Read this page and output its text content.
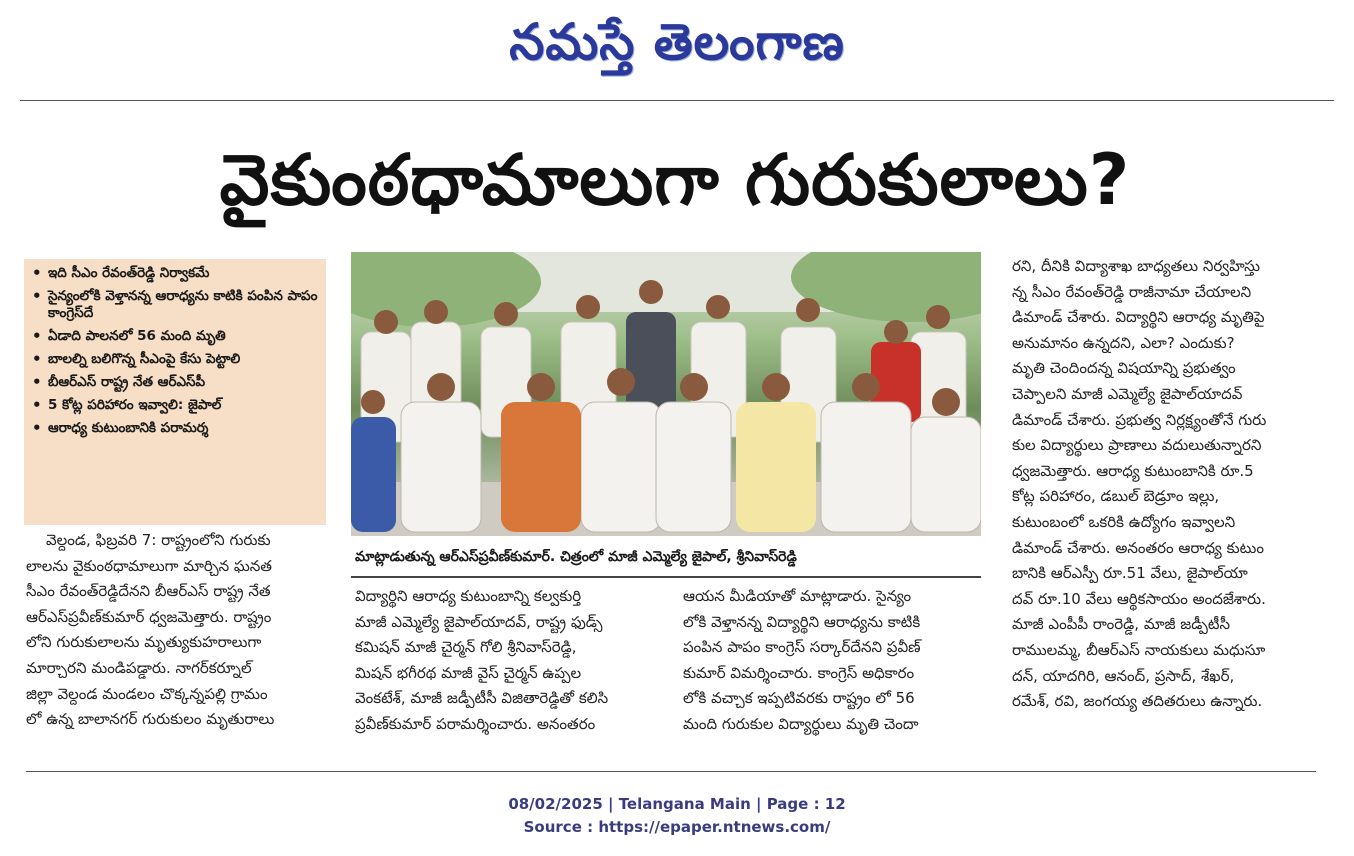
నమస్తే తెలంగాణ
వైకుంఠధామాలుగా గురుకులాలు?
• ఇది సీఎం రేవంత్‌రెడ్డి నిర్వాకమే
• సైన్యంలోకి వెళ్తానన్న ఆరాధ్యను కాటికి పంపిన పాపం కాంగ్రెస్‌దే
• ఏడాది పాలనలో 56 మంది మృతి
• బాలల్ని బలిగొన్న సీఎంపై కేసు పెట్టాలి
• బీఆర్‌ఎస్ రాష్ట్ర నేత ఆర్‌ఎస్‌పీ
• 5 కోట్ల పరిహారం ఇవ్వాలి: జైపాల్
• ఆరాధ్య కుటుంబానికి పరామర్శ

వెల్దండ, ఫిబ్రవరి 7: రాష్ట్రంలోని గురుకు

లాలను వైకుంఠధామాలుగా మార్చిన ఘనత

సీఎం రేవంత్‌రెడ్డిదేనని బీఆర్‌ఎస్ రాష్ట్ర నేత

ఆర్‌ఎస్‌ప్రవీణ్‌కుమార్ ధ్వజమెత్తారు. రాష్ట్రం

లోని గురుకులాలను మృత్యుకుహరాలుగా

మార్చారని మండిపడ్డారు. నాగర్‌కర్నూల్

జిల్లా వెల్దండ మండలం చొక్కన్నపల్లి గ్రామం

లో ఉన్న బాలానగర్ గురుకులం మృతురాలు

మాట్లాడుతున్న ఆర్‌ఎస్‌ప్రవీణ్‌కుమార్. చిత్రంలో మాజీ ఎమ్మెల్యే జైపాల్, శ్రీనివాస్‌రెడ్డి

విద్యార్థిని ఆరాధ్య కుటుంబాన్ని కల్వకుర్తి

మాజీ ఎమ్మెల్యే జైపాల్‌యాదవ్, రాష్ట్ర ఫుడ్స్

కమిషన్ మాజీ చైర్మన్ గోలి శ్రీనివాస్‌రెడ్డి,

మిషన్ భగీరథ మాజీ వైస్ చైర్మన్ ఉప్పల

వెంకటేశ్, మాజీ జడ్పీటీసీ విజితారెడ్డితో కలిసి

ప్రవీణ్‌కుమార్ పరామర్శించారు. అనంతరం

ఆయన మీడియాతో మాట్లాడారు. సైన్యం

లోకి వెళ్తానన్న విద్యార్థిని ఆరాధ్యను కాటికి

పంపిన పాపం కాంగ్రెస్ సర్కార్‌దేనని ప్రవీణ్

కుమార్ విమర్శించారు. కాంగ్రెస్ అధికారం

లోకి వచ్చాక ఇప్పటివరకు రాష్ట్రం లో 56

మంది గురుకుల విద్యార్థులు మృతి చెందా

రని, దీనికి విద్యాశాఖ బాధ్యతలు నిర్వహిస్తు

న్న సీఎం రేవంత్‌రెడ్డి రాజీనామా చేయాలని

డిమాండ్ చేశారు. విద్యార్థిని ఆరాధ్య మృతిపై

అనుమానం ఉన్నదని, ఎలా? ఎందుకు?

మృతి చెందిందన్న విషయాన్ని ప్రభుత్వం

చెప్పాలని మాజీ ఎమ్మెల్యే జైపాల్‌యాదవ్

డిమాండ్ చేశారు. ప్రభుత్వ నిర్లక్ష్యంతోనే గురు

కుల విద్యార్థులు ప్రాణాలు వదులుతున్నారని

ధ్వజమెత్తారు. ఆరాధ్య కుటుంబానికి రూ.5

కోట్ల పరిహారం, డబుల్ బెడ్రూం ఇల్లు,

కుటుంబంలో ఒకరికి ఉద్యోగం ఇవ్వాలని

డిమాండ్ చేశారు. అనంతరం ఆరాధ్య కుటుం

బానికి ఆర్‌ఎస్పీ రూ.51 వేలు, జైపాల్‌యా

దవ్ రూ.10 వేలు ఆర్థికసాయం అందజేశారు.

మాజీ ఎంపీపీ రాంరెడ్డి, మాజీ జడ్పీటీసీ

రాములమ్మ, బీఆర్‌ఎస్ నాయకులు మధుసూ

దన్, యాదగిరి, ఆనంద్, ప్రసాద్, శేఖర్,

రమేశ్, రవి, జంగయ్య తదితరులు ఉన్నారు.

08/02/2025 | Telangana Main | Page : 12
Source : https://epaper.ntnews.com/
